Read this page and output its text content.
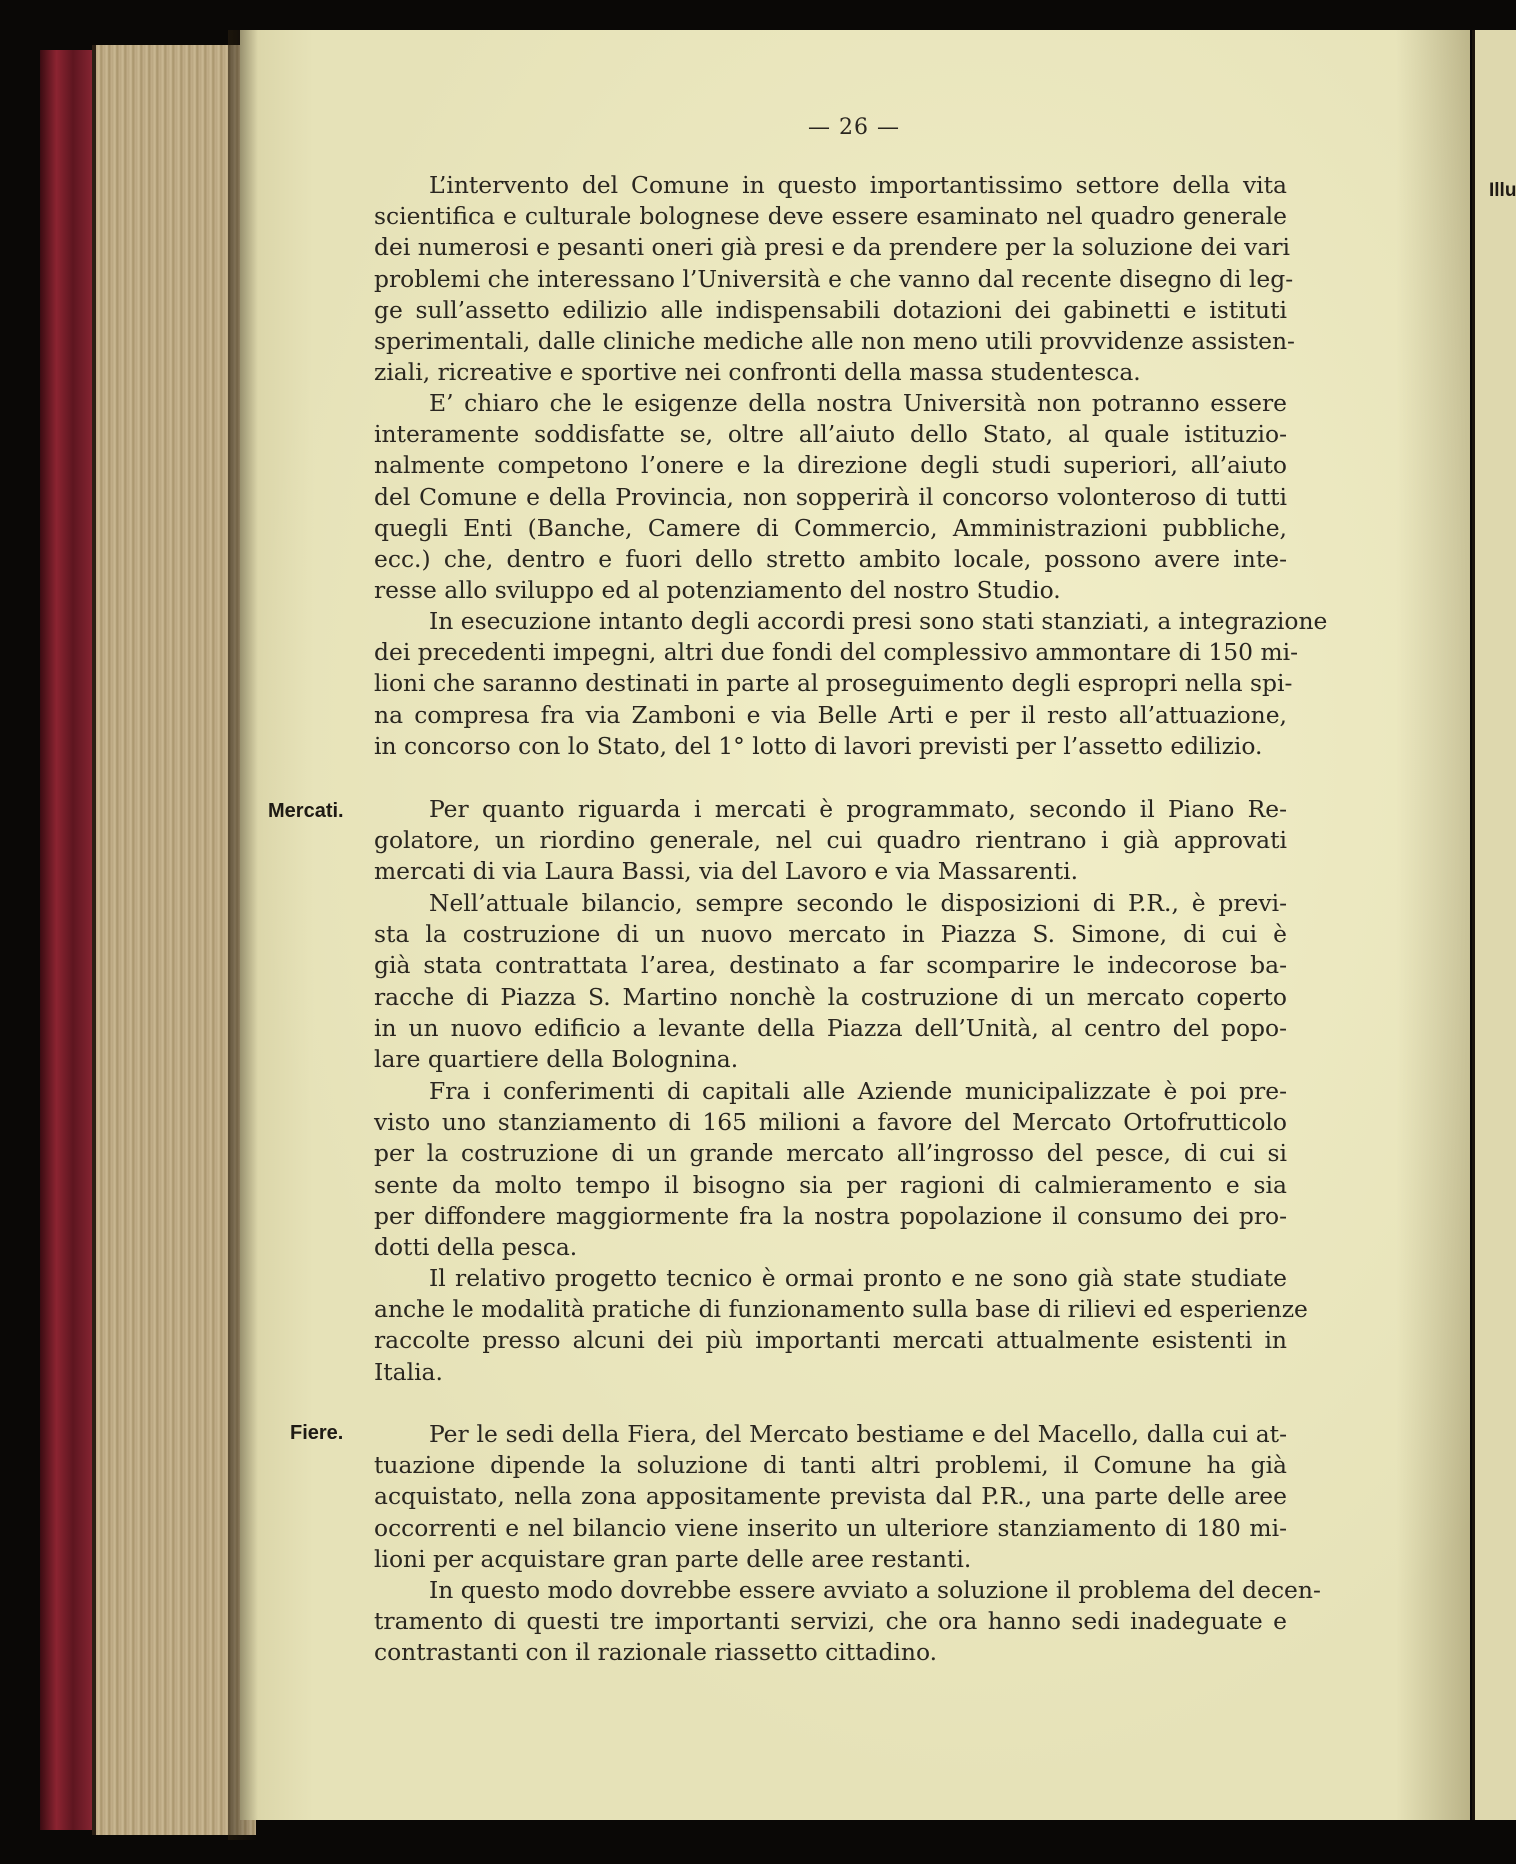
Illu
— 26 —
Mercati.
Fiere.
L’intervento del Comune in questo importantissimo settore della vita
scientifica e culturale bolognese deve essere esaminato nel quadro generale
dei numerosi e pesanti oneri già presi e da prendere per la soluzione dei vari
problemi che interessano l’Università e che vanno dal recente disegno di leg-
ge sull’assetto edilizio alle indispensabili dotazioni dei gabinetti e istituti
sperimentali, dalle cliniche mediche alle non meno utili provvidenze assisten-
ziali, ricreative e sportive nei confronti della massa studentesca.
E’ chiaro che le esigenze della nostra Università non potranno essere
interamente soddisfatte se, oltre all’aiuto dello Stato, al quale istituzio-
nalmente competono l’onere e la direzione degli studi superiori, all’aiuto
del Comune e della Provincia, non sopperirà il concorso volonteroso di tutti
quegli Enti (Banche, Camere di Commercio, Amministrazioni pubbliche,
ecc.) che, dentro e fuori dello stretto ambito locale, possono avere inte-
resse allo sviluppo ed al potenziamento del nostro Studio.
In esecuzione intanto degli accordi presi sono stati stanziati, a integrazione
dei precedenti impegni, altri due fondi del complessivo ammontare di 150 mi-
lioni che saranno destinati in parte al proseguimento degli espropri nella spi-
na compresa fra via Zamboni e via Belle Arti e per il resto all’attuazione,
in concorso con lo Stato, del 1° lotto di lavori previsti per l’assetto edilizio.
Per quanto riguarda i mercati è programmato, secondo il Piano Re-
golatore, un riordino generale, nel cui quadro rientrano i già approvati
mercati di via Laura Bassi, via del Lavoro e via Massarenti.
Nell’attuale bilancio, sempre secondo le disposizioni di P.R., è previ-
sta la costruzione di un nuovo mercato in Piazza S. Simone, di cui è
già stata contrattata l’area, destinato a far scomparire le indecorose ba-
racche di Piazza S. Martino nonchè la costruzione di un mercato coperto
in un nuovo edificio a levante della Piazza dell’Unità, al centro del popo-
lare quartiere della Bolognina.
Fra i conferimenti di capitali alle Aziende municipalizzate è poi pre-
visto uno stanziamento di 165 milioni a favore del Mercato Ortofrutticolo
per la costruzione di un grande mercato all’ingrosso del pesce, di cui si
sente da molto tempo il bisogno sia per ragioni di calmieramento e sia
per diffondere maggiormente fra la nostra popolazione il consumo dei pro-
dotti della pesca.
Il relativo progetto tecnico è ormai pronto e ne sono già state studiate
anche le modalità pratiche di funzionamento sulla base di rilievi ed esperienze
raccolte presso alcuni dei più importanti mercati attualmente esistenti in
Italia.
Per le sedi della Fiera, del Mercato bestiame e del Macello, dalla cui at-
tuazione dipende la soluzione di tanti altri problemi, il Comune ha già
acquistato, nella zona appositamente prevista dal P.R., una parte delle aree
occorrenti e nel bilancio viene inserito un ulteriore stanziamento di 180 mi-
lioni per acquistare gran parte delle aree restanti.
In questo modo dovrebbe essere avviato a soluzione il problema del decen-
tramento di questi tre importanti servizi, che ora hanno sedi inadeguate e
contrastanti con il razionale riassetto cittadino.
